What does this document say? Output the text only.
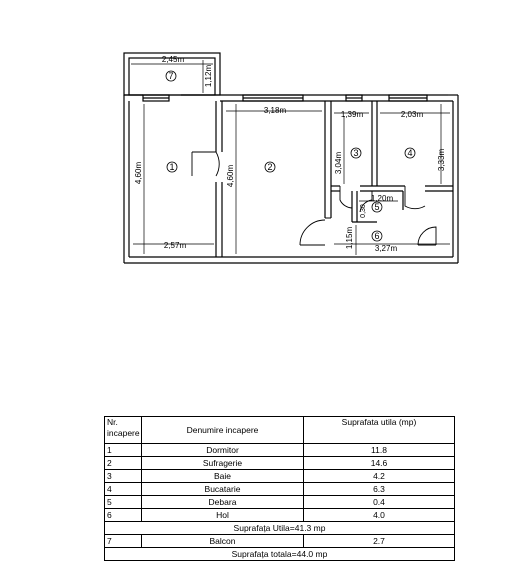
7
1	2
3	4
5
6
2,45m
1,12m
4,60m
2,57m
3,18m
4,60m
1,39m
3,04m
2,03m
3,33m
0,30
1,20m
1,15m	3,27m
Nr. incapere	Denumire incapere	Suprafata utila (mp)
1	Dormitor	11.8
2	Sufragerie	14.6
3	Baie	4.2
4	Bucatarie	6.3
5	Debara	0.4
6	Hol	4.0
Suprafața Utila=41.3 mp		
7	Balcon	2.7
Suprafața totala=44.0 mp		
